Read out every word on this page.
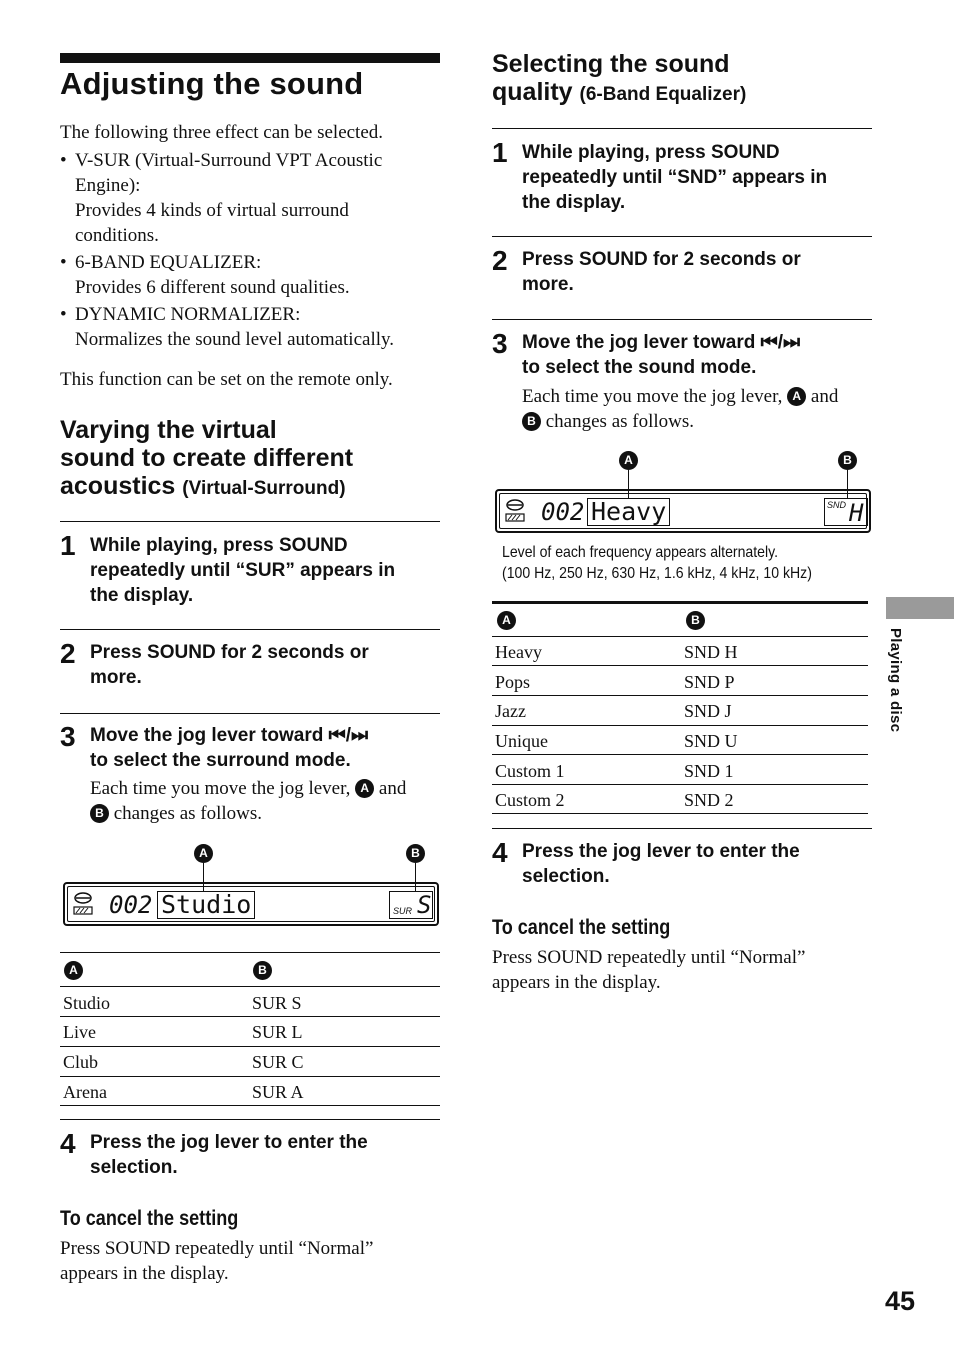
Adjusting the sound
The following three effect can be selected.
• V-SUR (Virtual-Surround VPT Acoustic
Engine):
Provides 4 kinds of virtual surround
conditions.
• 6-BAND EQUALIZER:
Provides 6 different sound qualities.
• DYNAMIC NORMALIZER:
Normalizes the sound level automatically.
This function can be set on the remote only.
Varying the virtual
sound to create different
acoustics (Virtual-Surround)
1 While playing, press SOUND
repeatedly until “SUR” appears in
the display.
2 Press SOUND for 2 seconds or
more.
3 Move the jog lever toward ⏮/⏭
to select the surround mode.
Each time you move the jog lever, A and
B changes as follows.
A	B
002 Studio	SUR S
A	B
Studio	SUR S
Live	SUR L
Club	SUR C
Arena	SUR A
4 Press the jog lever to enter the
selection.
To cancel the setting
Press SOUND repeatedly until “Normal”
appears in the display.
Selecting the sound
quality (6-Band Equalizer)
1 While playing, press SOUND
repeatedly until “SND” appears in
the display.
2 Press SOUND for 2 seconds or
more.
3 Move the jog lever toward ⏮/⏭
to select the sound mode.
Each time you move the jog lever, A and
B changes as follows.
A	B
002 Heavy	SND H
Level of each frequency appears alternately.
(100 Hz, 250 Hz, 630 Hz, 1.6 kHz, 4 kHz, 10 kHz)
A	B
Heavy	SND H
Pops	SND P
Jazz	SND J
Unique	SND U
Custom 1	SND 1
Custom 2	SND 2
4 Press the jog lever to enter the
selection.
To cancel the setting
Press SOUND repeatedly until “Normal”
appears in the display.
Playing a disc
45
